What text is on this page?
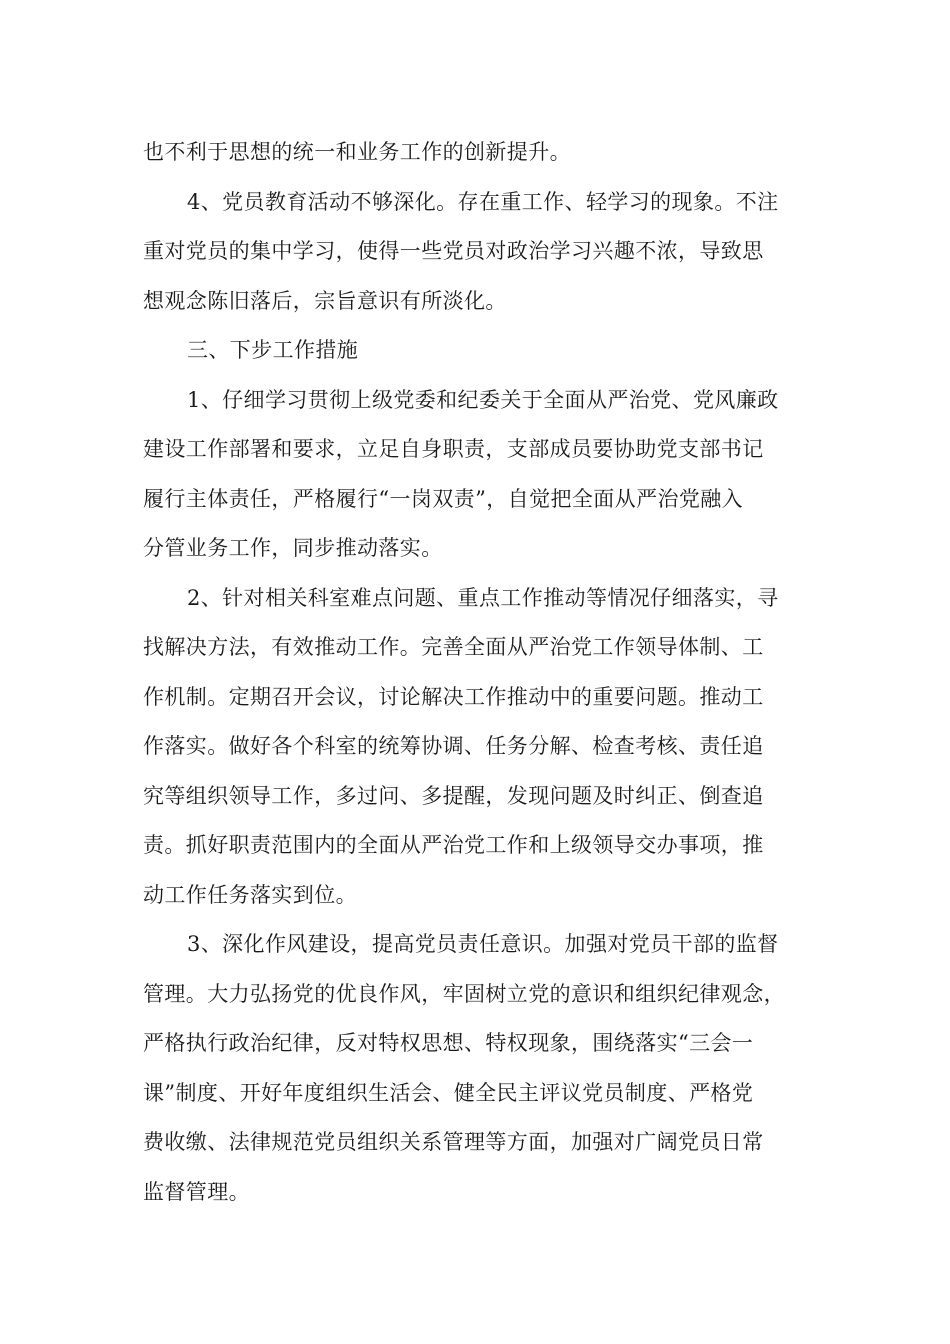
也不利于思想的统一和业务工作的创新提升。
4、党员教育活动不够深化。存在重工作、轻学习的现象。不注
重对党员的集中学习，使得一些党员对政治学习兴趣不浓，导致思
想观念陈旧落后，宗旨意识有所淡化。
三、下步工作措施
1、仔细学习贯彻上级党委和纪委关于全面从严治党、党风廉政
建设工作部署和要求，立足自身职责，支部成员要协助党支部书记
履行主体责任，严格履行“一岗双责”，自觉把全面从严治党融入
分管业务工作，同步推动落实。
2、针对相关科室难点问题、重点工作推动等情况仔细落实，寻
找解决方法，有效推动工作。完善全面从严治党工作领导体制、工
作机制。定期召开会议，讨论解决工作推动中的重要问题。推动工
作落实。做好各个科室的统筹协调、任务分解、检查考核、责任追
究等组织领导工作，多过问、多提醒，发现问题及时纠正、倒查追
责。抓好职责范围内的全面从严治党工作和上级领导交办事项，推
动工作任务落实到位。
3、深化作风建设，提高党员责任意识。加强对党员干部的监督
管理。大力弘扬党的优良作风，牢固树立党的意识和组织纪律观念，
严格执行政治纪律，反对特权思想、特权现象，围绕落实“三会一
课”制度、开好年度组织生活会、健全民主评议党员制度、严格党
费收缴、法律规范党员组织关系管理等方面，加强对广阔党员日常
监督管理。
